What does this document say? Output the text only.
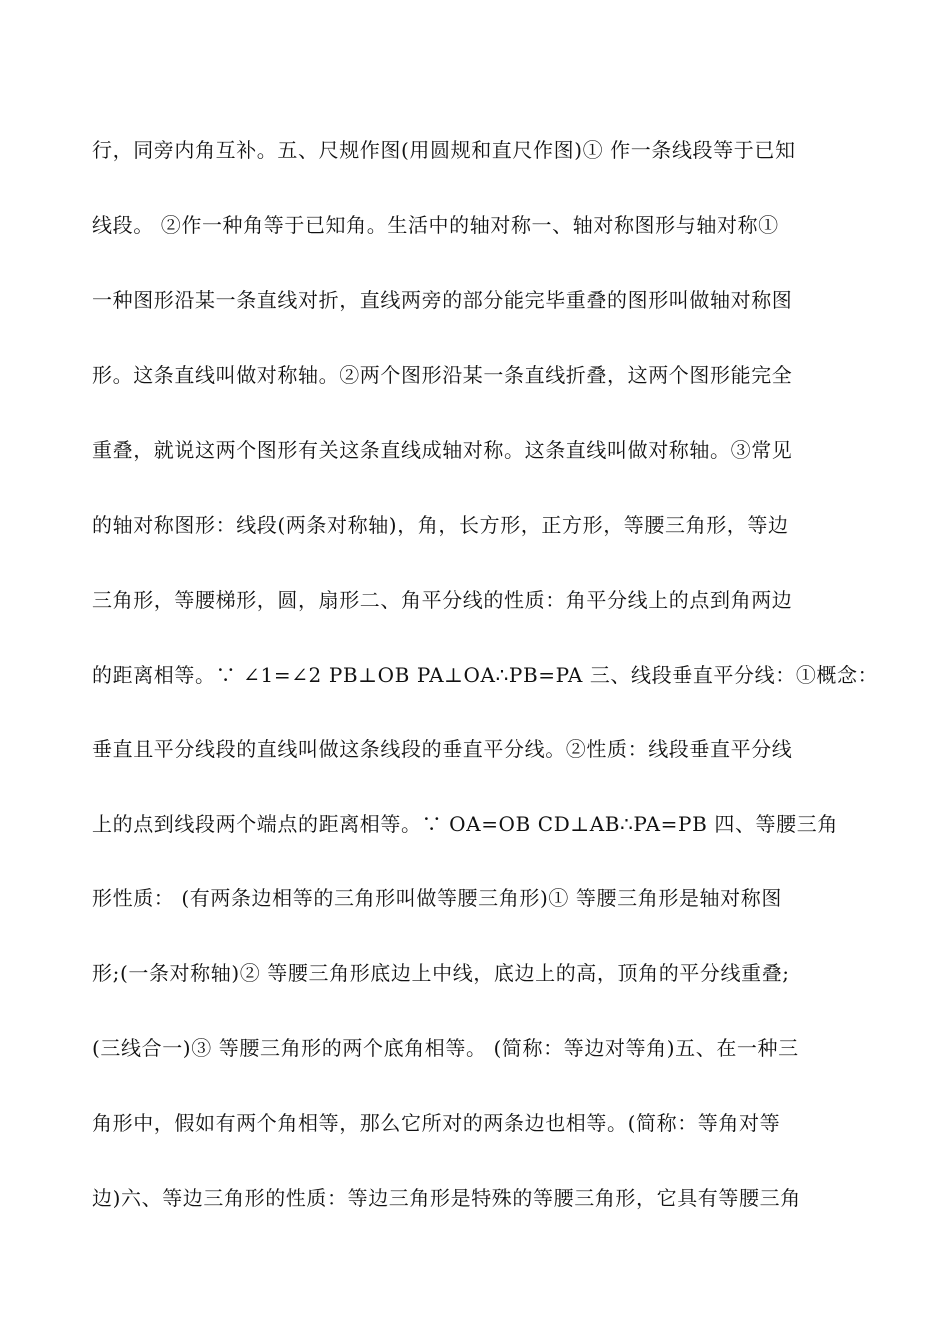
行，同旁内角互补。五、尺规作图(用圆规和直尺作图)① 作一条线段等于已知
线段。 ②作一种角等于已知角。生活中的轴对称一、轴对称图形与轴对称①
一种图形沿某一条直线对折，直线两旁的部分能完毕重叠的图形叫做轴对称图
形。这条直线叫做对称轴。②两个图形沿某一条直线折叠，这两个图形能完全
重叠，就说这两个图形有关这条直线成轴对称。这条直线叫做对称轴。③常见
的轴对称图形：线段(两条对称轴)，角，长方形，正方形，等腰三角形，等边
三角形，等腰梯形，圆，扇形二、角平分线的性质：角平分线上的点到角两边
的距离相等。∵ ∠1=∠2 PB⊥OB PA⊥OA∴PB=PA 三、线段垂直平分线：①概念：
垂直且平分线段的直线叫做这条线段的垂直平分线。②性质：线段垂直平分线
上的点到线段两个端点的距离相等。∵ OA=OB CD⊥AB∴PA=PB 四、等腰三角
形性质： (有两条边相等的三角形叫做等腰三角形)① 等腰三角形是轴对称图
形;(一条对称轴)② 等腰三角形底边上中线，底边上的高，顶角的平分线重叠;
(三线合一)③ 等腰三角形的两个底角相等。 (简称：等边对等角)五、在一种三
角形中，假如有两个角相等，那么它所对的两条边也相等。(简称：等角对等
边)六、等边三角形的性质：等边三角形是特殊的等腰三角形，它具有等腰三角
